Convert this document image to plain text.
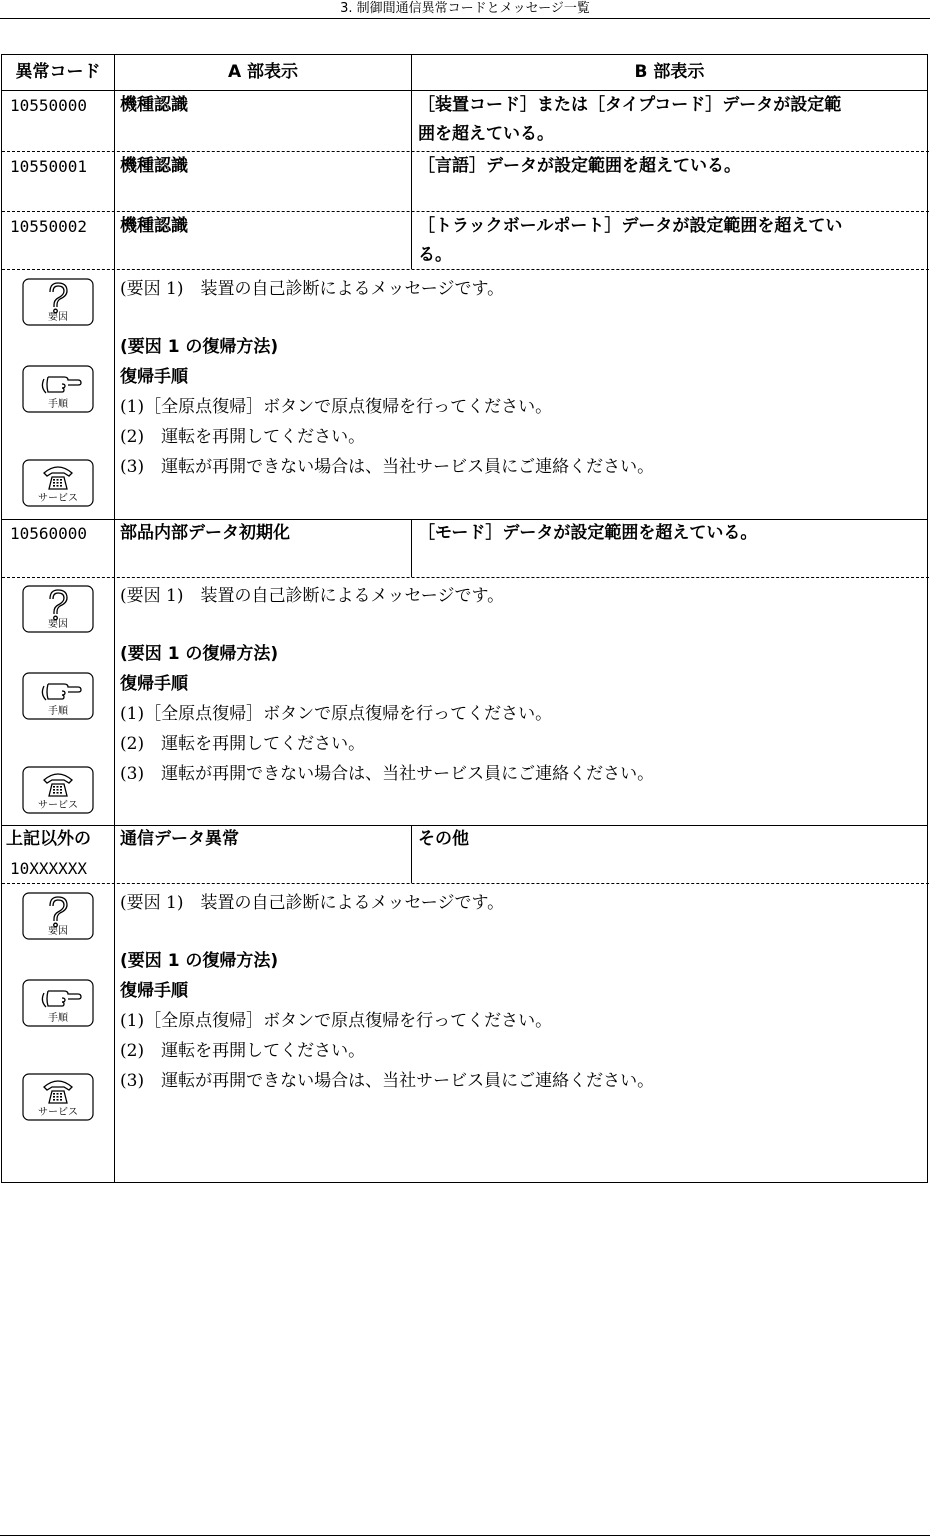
3. 制御間通信異常コードとメッセージ一覧
異常コード	A 部表示	B 部表示
10550000 機種認識	［装置コード］または［タイプコード］データが設定範
囲を超えている。
10550001 機種認識	［言語］データが設定範囲を超えている。
10550002 機種認識	［トラックボールポート］データが設定範囲を超えてい
る。
(要因 1)　装置の自己診断によるメッセージです。
(要因 1 の復帰方法)
復帰手順
(1)［全原点復帰］ボタンで原点復帰を行ってください。
(2)　運転を再開してください。
(3)　運転が再開できない場合は、当社サービス員にご連絡ください。
要因
手順
サービス
10560000 部品内部データ初期化	［モード］データが設定範囲を超えている。
(要因 1)　装置の自己診断によるメッセージです。
(要因 1 の復帰方法)
復帰手順
(1)［全原点復帰］ボタンで原点復帰を行ってください。
(2)　運転を再開してください。
(3)　運転が再開できない場合は、当社サービス員にご連絡ください。
要因
手順
サービス
上記以外の
10XXXXXX
通信データ異常	その他
(要因 1)　装置の自己診断によるメッセージです。
(要因 1 の復帰方法)
復帰手順
(1)［全原点復帰］ボタンで原点復帰を行ってください。
(2)　運転を再開してください。
(3)　運転が再開できない場合は、当社サービス員にご連絡ください。
要因
手順
サービス
